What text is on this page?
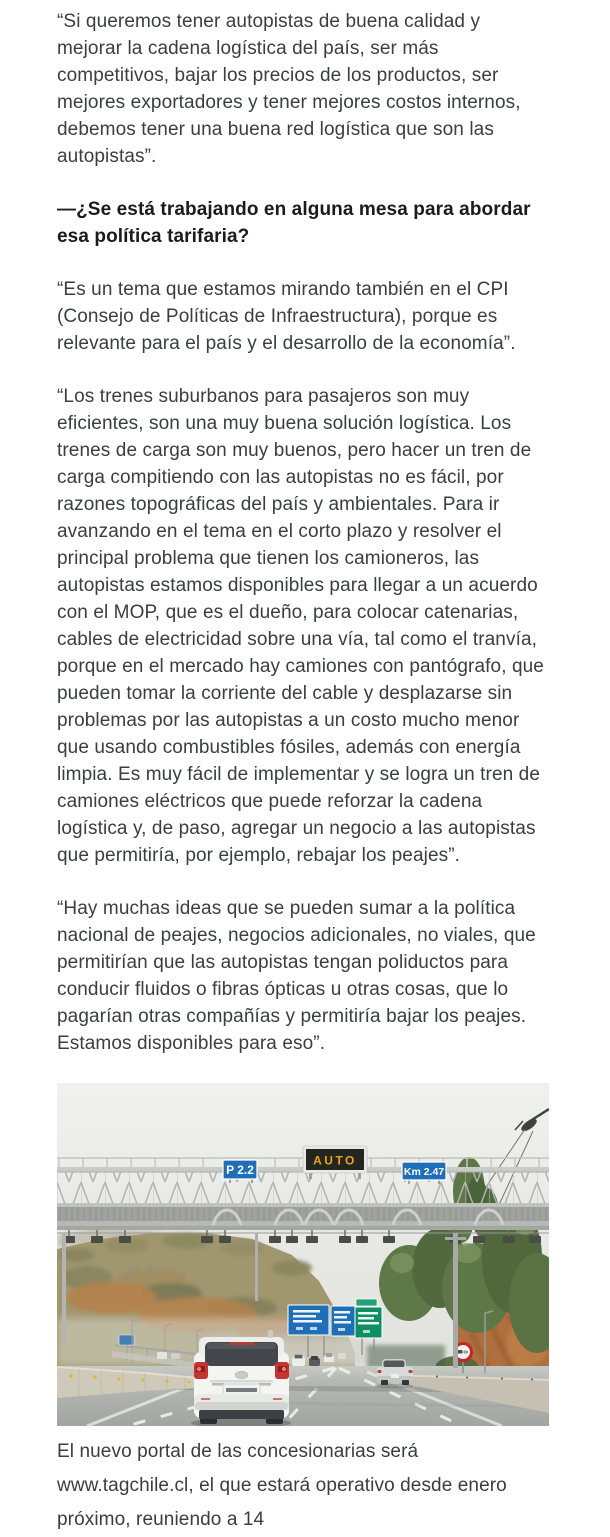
“Si queremos tener autopistas de buena calidad y mejorar la cadena logística del país, ser más competitivos, bajar los precios de los productos, ser mejores exportadores y tener mejores costos internos, debemos tener una buena red logística que son las autopistas”.

—¿Se está trabajando en alguna mesa para abordar esa política tarifaria?

“Es un tema que estamos mirando también en el CPI (Consejo de Políticas de Infraestructura), porque es relevante para el país y el desarrollo de la economía”.

“Los trenes suburbanos para pasajeros son muy eficientes, son una muy buena solución logística. Los trenes de carga son muy buenos, pero hacer un tren de carga compitiendo con las autopistas no es fácil, por razones topográficas del país y ambientales. Para ir avanzando en el tema en el corto plazo y resolver el principal problema que tienen los camioneros, las autopistas estamos disponibles para llegar a un acuerdo con el MOP, que es el dueño, para colocar catenarias, cables de electricidad sobre una vía, tal como el tranvía, porque en el mercado hay camiones con pantógrafo, que pueden tomar la corriente del cable y desplazarse sin problemas por las autopistas a un costo mucho menor que usando combustibles fósiles, además con energía limpia. Es muy fácil de implementar y se logra un tren de camiones eléctricos que puede reforzar la cadena logística y, de paso, agregar un negocio a las autopistas que permitiría, por ejemplo, rebajar los peajes”.

“Hay muchas ideas que se pueden sumar a la política nacional de peajes, negocios adicionales, no viales, que permitirían que las autopistas tengan poliductos para conducir fluidos o fibras ópticas u otras cosas, que lo pagarían otras compañías y permitiría bajar los peajes. Estamos disponibles para eso”.

P 2.2
AUTO
Km 2.47
El nuevo portal de las concesionarias será www.tagchile.cl, el que estará operativo desde enero próximo, reuniendo a 14
